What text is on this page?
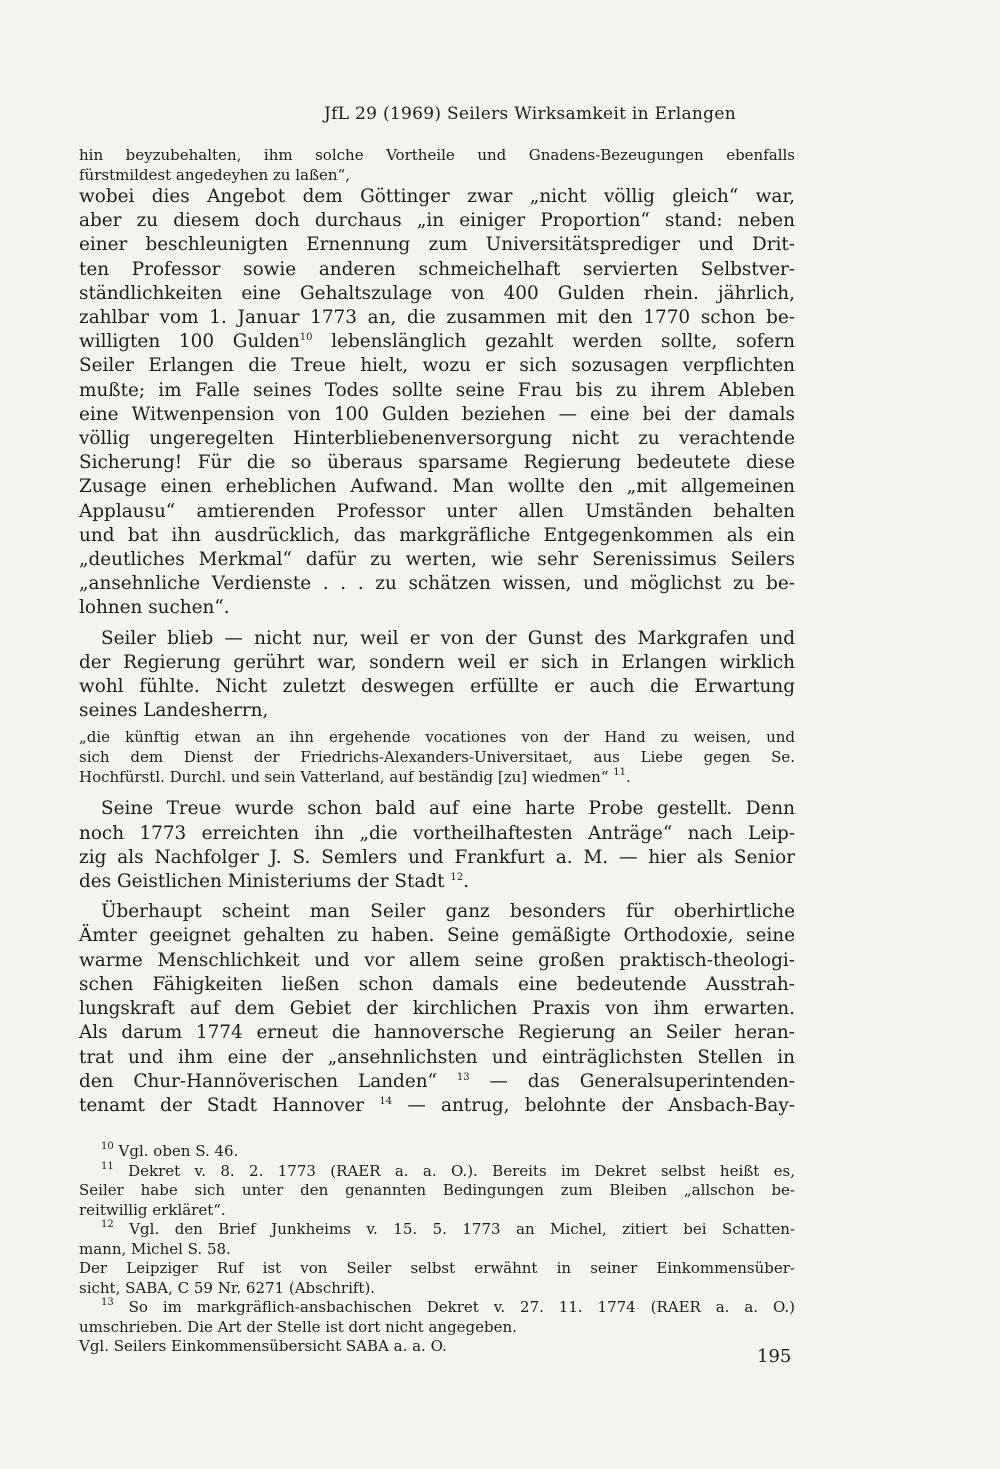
JfL 29 (1969) Seilers Wirksamkeit in Erlangen
hin beyzubehalten, ihm solche Vortheile und Gnadens-Bezeugungen ebenfalls
fürstmildest angedeyhen zu laßen“,
wobei dies Angebot dem Göttinger zwar „nicht völlig gleich“ war,
aber zu diesem doch durchaus „in einiger Proportion“ stand: neben
einer beschleunigten Ernennung zum Universitätsprediger und Drit-
ten Professor sowie anderen schmeichelhaft servierten Selbstver-
ständlichkeiten eine Gehaltszulage von 400 Gulden rhein. jährlich,
zahlbar vom 1. Januar 1773 an, die zusammen mit den 1770 schon be-
willigten 100 Gulden$^{10}$ lebenslänglich gezahlt werden sollte, sofern
Seiler Erlangen die Treue hielt, wozu er sich sozusagen verpflichten
mußte; im Falle seines Todes sollte seine Frau bis zu ihrem Ableben
eine Witwenpension von 100 Gulden beziehen — eine bei der damals
völlig ungeregelten Hinterbliebenenversorgung nicht zu verachtende
Sicherung! Für die so überaus sparsame Regierung bedeutete diese
Zusage einen erheblichen Aufwand. Man wollte den „mit allgemeinen
Applausu“ amtierenden Professor unter allen Umständen behalten
und bat ihn ausdrücklich, das markgräfliche Entgegenkommen als ein
„deutliches Merkmal“ dafür zu werten, wie sehr Serenissimus Seilers
„ansehnliche Verdienste . . . zu schätzen wissen, und möglichst zu be-
lohnen suchen“.
Seiler blieb — nicht nur, weil er von der Gunst des Markgrafen und
der Regierung gerührt war, sondern weil er sich in Erlangen wirklich
wohl fühlte. Nicht zuletzt deswegen erfüllte er auch die Erwartung
seines Landesherrn,
„die künftig etwan an ihn ergehende vocationes von der Hand zu weisen, und
sich dem Dienst der Friedrichs-Alexanders-Universitaet, aus Liebe gegen Se.
Hochfürstl. Durchl. und sein Vatterland, auf beständig [zu] wiedmen“ $^{11}$.
Seine Treue wurde schon bald auf eine harte Probe gestellt. Denn
noch 1773 erreichten ihn „die vortheilhaftesten Anträge“ nach Leip-
zig als Nachfolger J. S. Semlers und Frankfurt a. M. — hier als Senior
des Geistlichen Ministeriums der Stadt $^{12}$.
Überhaupt scheint man Seiler ganz besonders für oberhirtliche
Ämter geeignet gehalten zu haben. Seine gemäßigte Orthodoxie, seine
warme Menschlichkeit und vor allem seine großen praktisch-theologi-
schen Fähigkeiten ließen schon damals eine bedeutende Ausstrah-
lungskraft auf dem Gebiet der kirchlichen Praxis von ihm erwarten.
Als darum 1774 erneut die hannoversche Regierung an Seiler heran-
trat und ihm eine der „ansehnlichsten und einträglichsten Stellen in
den Chur-Hannöverischen Landen“ $^{13}$ — das Generalsuperintenden-
tenamt der Stadt Hannover $^{14}$ — antrug, belohnte der Ansbach-Bay-
$^{10}$ Vgl. oben S. 46.
$^{11}$ Dekret v. 8. 2. 1773 (RAER a. a. O.). Bereits im Dekret selbst heißt es,
Seiler habe sich unter den genannten Bedingungen zum Bleiben „allschon be-
reitwillig erkläret“.
$^{12}$ Vgl. den Brief Junkheims v. 15. 5. 1773 an Michel, zitiert bei Schatten-
mann, Michel S. 58.
Der Leipziger Ruf ist von Seiler selbst erwähnt in seiner Einkommensüber-
sicht, SABA, C 59 Nr. 6271 (Abschrift).
$^{13}$ So im markgräflich-ansbachischen Dekret v. 27. 11. 1774 (RAER a. a. O.)
umschrieben. Die Art der Stelle ist dort nicht angegeben.
Vgl. Seilers Einkommensübersicht SABA a. a. O.	195
